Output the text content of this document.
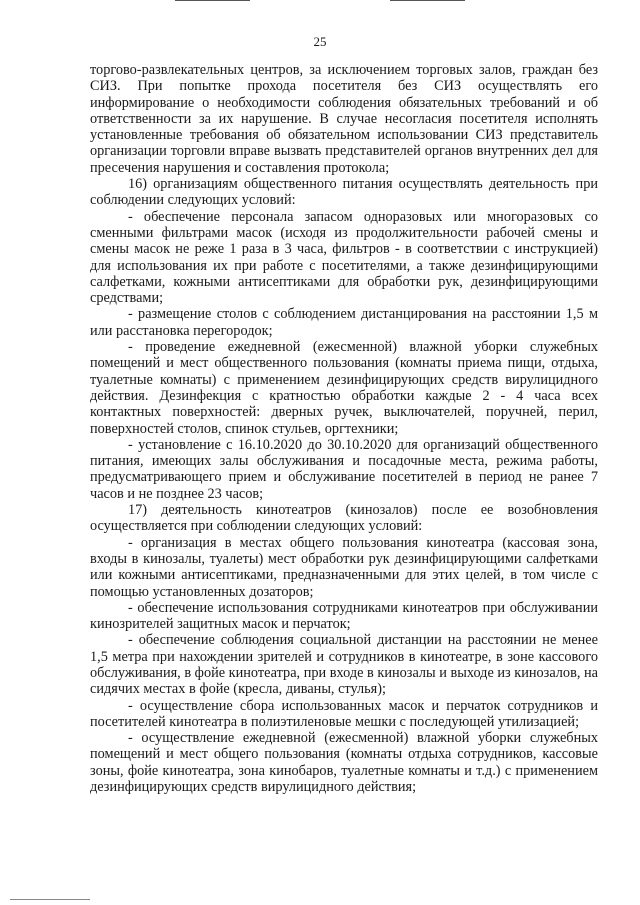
25

торгово-развлекательных центров, за исключением торговых залов, граждан без СИЗ. При попытке прохода посетителя без СИЗ осуществлять его информирование о необходимости соблюдения обязательных требований и об ответственности за их нарушение. В случае несогласия посетителя исполнять установленные требования об обязательном использовании СИЗ представитель организации торговли вправе вызвать представителей органов внутренних дел для пресечения нарушения и составления протокола;

16) организациям общественного питания осуществлять деятельность при соблюдении следующих условий:

- обеспечение персонала запасом одноразовых или многоразовых со сменными фильтрами масок (исходя из продолжительности рабочей смены и смены масок не реже 1 раза в 3 часа, фильтров - в соответствии с инструкцией) для использования их при работе с посетителями, а также дезинфицирующими салфетками, кожными антисептиками для обработки рук, дезинфицирующими средствами;

- размещение столов с соблюдением дистанцирования на расстоянии 1,5 м или расстановка перегородок;

- проведение ежедневной (ежесменной) влажной уборки служебных помещений и мест общественного пользования (комнаты приема пищи, отдыха, туалетные комнаты) с применением дезинфицирующих средств вирулицидного действия. Дезинфекция с кратностью обработки каждые 2 - 4 часа всех контактных поверхностей: дверных ручек, выключателей, поручней, перил, поверхностей столов, спинок стульев, оргтехники;

- установление с 16.10.2020 до 30.10.2020 для организаций общественного питания, имеющих залы обслуживания и посадочные места, режима работы, предусматривающего прием и обслуживание посетителей в период не ранее 7 часов и не позднее 23 часов;

17) деятельность кинотеатров (кинозалов) после ее возобновления осуществляется при соблюдении следующих условий:

- организация в местах общего пользования кинотеатра (кассовая зона, входы в кинозалы, туалеты) мест обработки рук дезинфицирующими салфетками или кожными антисептиками, предназначенными для этих целей, в том числе с помощью установленных дозаторов;

- обеспечение использования сотрудниками кинотеатров при обслуживании кинозрителей защитных масок и перчаток;

- обеспечение соблюдения социальной дистанции на расстоянии не менее 1,5 метра при нахождении зрителей и сотрудников в кинотеатре, в зоне кассового обслуживания, в фойе кинотеатра, при входе в кинозалы и выходе из кинозалов, на сидячих местах в фойе (кресла, диваны, стулья);

- осуществление сбора использованных масок и перчаток сотрудников и посетителей кинотеатра в полиэтиленовые мешки с последующей утилизацией;

- осуществление ежедневной (ежесменной) влажной уборки служебных помещений и мест общего пользования (комнаты отдыха сотрудников, кассовые зоны, фойе кинотеатра, зона кинобаров, туалетные комнаты и т.д.) с применением дезинфицирующих средств вирулицидного действия;
